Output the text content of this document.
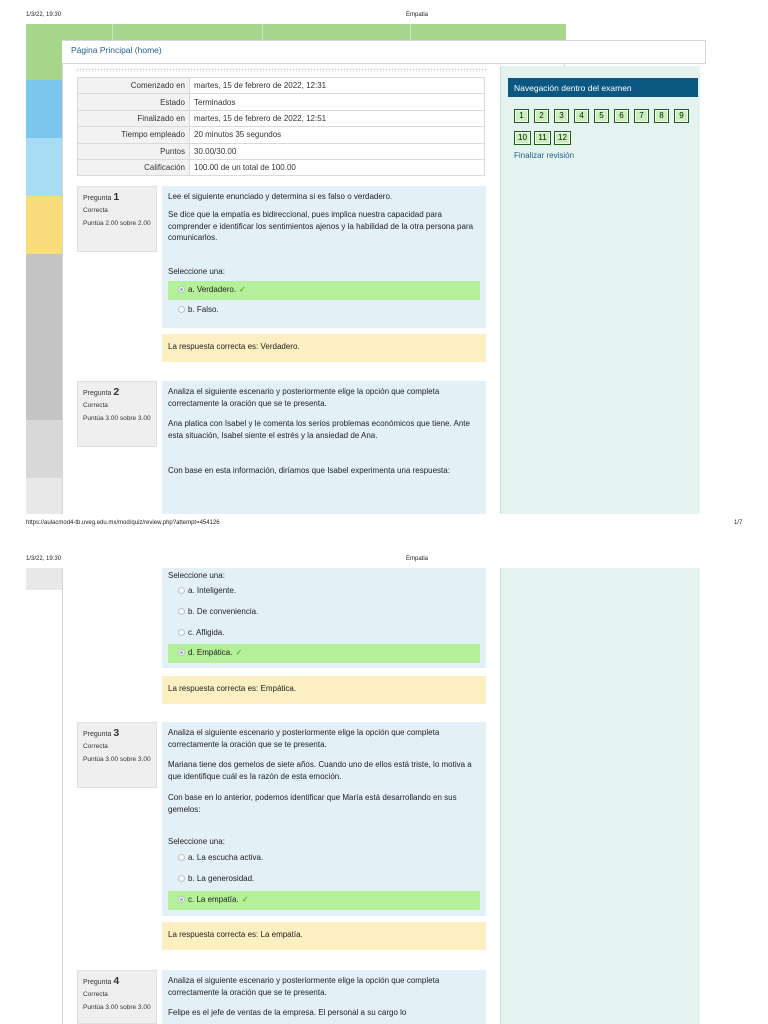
1/3/22, 19:30	Empatia
Página Principal (home)
Navegación dentro del examen
1	2	3	4	5	6	7	8	9
10	11	12
Finalizar revisión
Comenzado en	martes, 15 de febrero de 2022, 12:31
Estado	Terminados
Finalizado en	martes, 15 de febrero de 2022, 12:51
Tiempo empleado	20 minutos 35 segundos
Puntos	30.00/30.00
Calificación	100.00 de un total de 100.00
Pregunta 1
Correcta
Puntúa 2.00 sobre 2.00
Lee el siguiente enunciado y determina si es falso o verdadero.
Se dice que la empatía es bidireccional, pues implica nuestra capacidad para comprender e identificar los sentimientos ajenos y la habilidad de la otra persona para comunicarlos.
Seleccione una:
a. Verdadero. ✓
b. Falso.
La respuesta correcta es: Verdadero.
Pregunta 2
Correcta
Puntúa 3.00 sobre 3.00
Analiza el siguiente escenario y posteriormente elige la opción que completa correctamente la oración que se te presenta.
Ana platica con Isabel y le comenta los serios problemas económicos que tiene. Ante esta situación, Isabel siente el estrés y la ansiedad de Ana.
Con base en esta información, diríamos que Isabel experimenta una respuesta:
https://aulacmod4-tb.uveg.edu.mx/mod/quiz/review.php?attempt=454126	1/7
1/3/22, 19:30	Empatia
Seleccione una:
a. Inteligente.
b. De conveniencia.
c. Afligida.
d. Empática. ✓
La respuesta correcta es: Empática.
Pregunta 3
Correcta
Puntúa 3.00 sobre 3.00
Analiza el siguiente escenario y posteriormente elige la opción que completa correctamente la oración que se te presenta.
Mariana tiene dos gemelos de siete años. Cuando uno de ellos está triste, lo motiva a que identifique cuál es la razón de esta emoción.
Con base en lo anterior, podemos identificar que María está desarrollando en sus gemelos:
Seleccione una:
a. La escucha activa.
b. La generosidad.
c. La empatía. ✓
La respuesta correcta es: La empatía.
Pregunta 4
Correcta
Puntúa 3.00 sobre 3.00
Analiza el siguiente escenario y posteriormente elige la opción que completa correctamente la oración que se te presenta.
Felipe es el jefe de ventas de la empresa. El personal a su cargo lo
